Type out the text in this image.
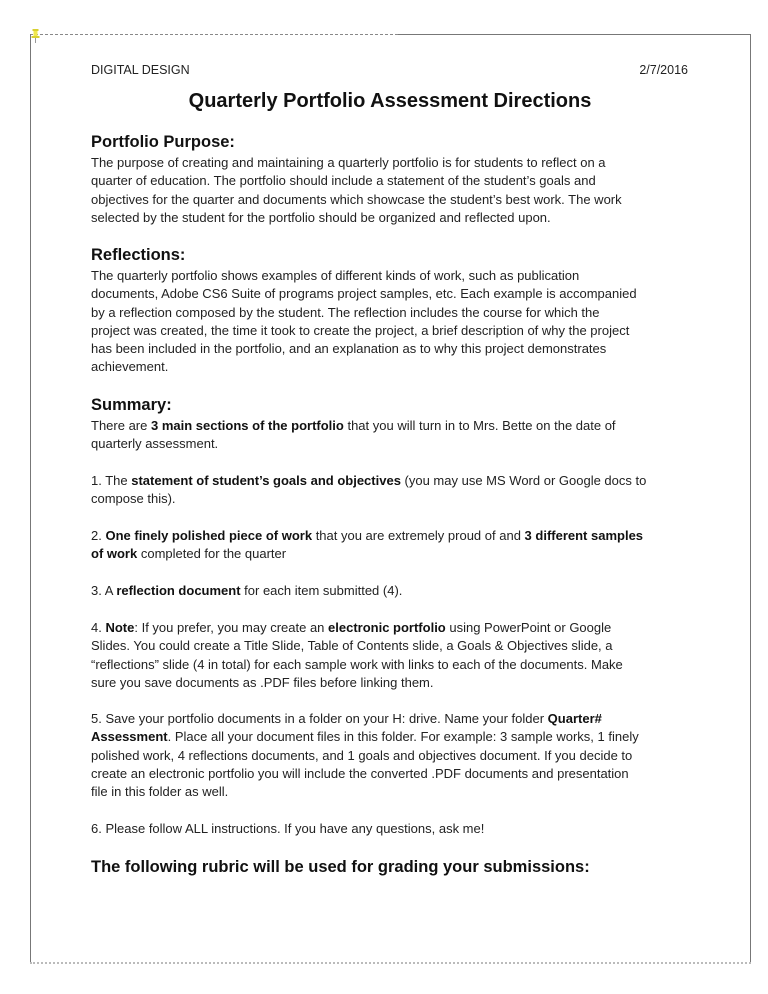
DIGITAL DESIGN	2/7/2016
Quarterly Portfolio Assessment Directions
Portfolio Purpose:
The purpose of creating and maintaining a quarterly portfolio is for students to reflect on a
quarter of education. The portfolio should include a statement of the student’s goals and
objectives for the quarter and documents which showcase the student’s best work. The work
selected by the student for the portfolio should be organized and reflected upon.
Reflections:
The quarterly portfolio shows examples of different kinds of work, such as publication
documents, Adobe CS6 Suite of programs project samples, etc. Each example is accompanied
by a reflection composed by the student. The reflection includes the course for which the
project was created, the time it took to create the project, a brief description of why the project
has been included in the portfolio, and an explanation as to why this project demonstrates
achievement.
Summary:
There are 3 main sections of the portfolio that you will turn in to Mrs. Bette on the date of
quarterly assessment.
1. The statement of student’s goals and objectives (you may use MS Word or Google docs to
compose this).
2. One finely polished piece of work that you are extremely proud of and 3 different samples
of work completed for the quarter
3. A reflection document for each item submitted (4).
4. Note: If you prefer, you may create an electronic portfolio using PowerPoint or Google
Slides. You could create a Title Slide, Table of Contents slide, a Goals & Objectives slide, a
“reflections” slide (4 in total) for each sample work with links to each of the documents. Make
sure you save documents as .PDF files before linking them.
5. Save your portfolio documents in a folder on your H: drive. Name your folder Quarter#
Assessment. Place all your document files in this folder. For example: 3 sample works, 1 finely
polished work, 4 reflections documents, and 1 goals and objectives document. If you decide to
create an electronic portfolio you will include the converted .PDF documents and presentation
file in this folder as well.
6. Please follow ALL instructions. If you have any questions, ask me!
The following rubric will be used for grading your submissions:
